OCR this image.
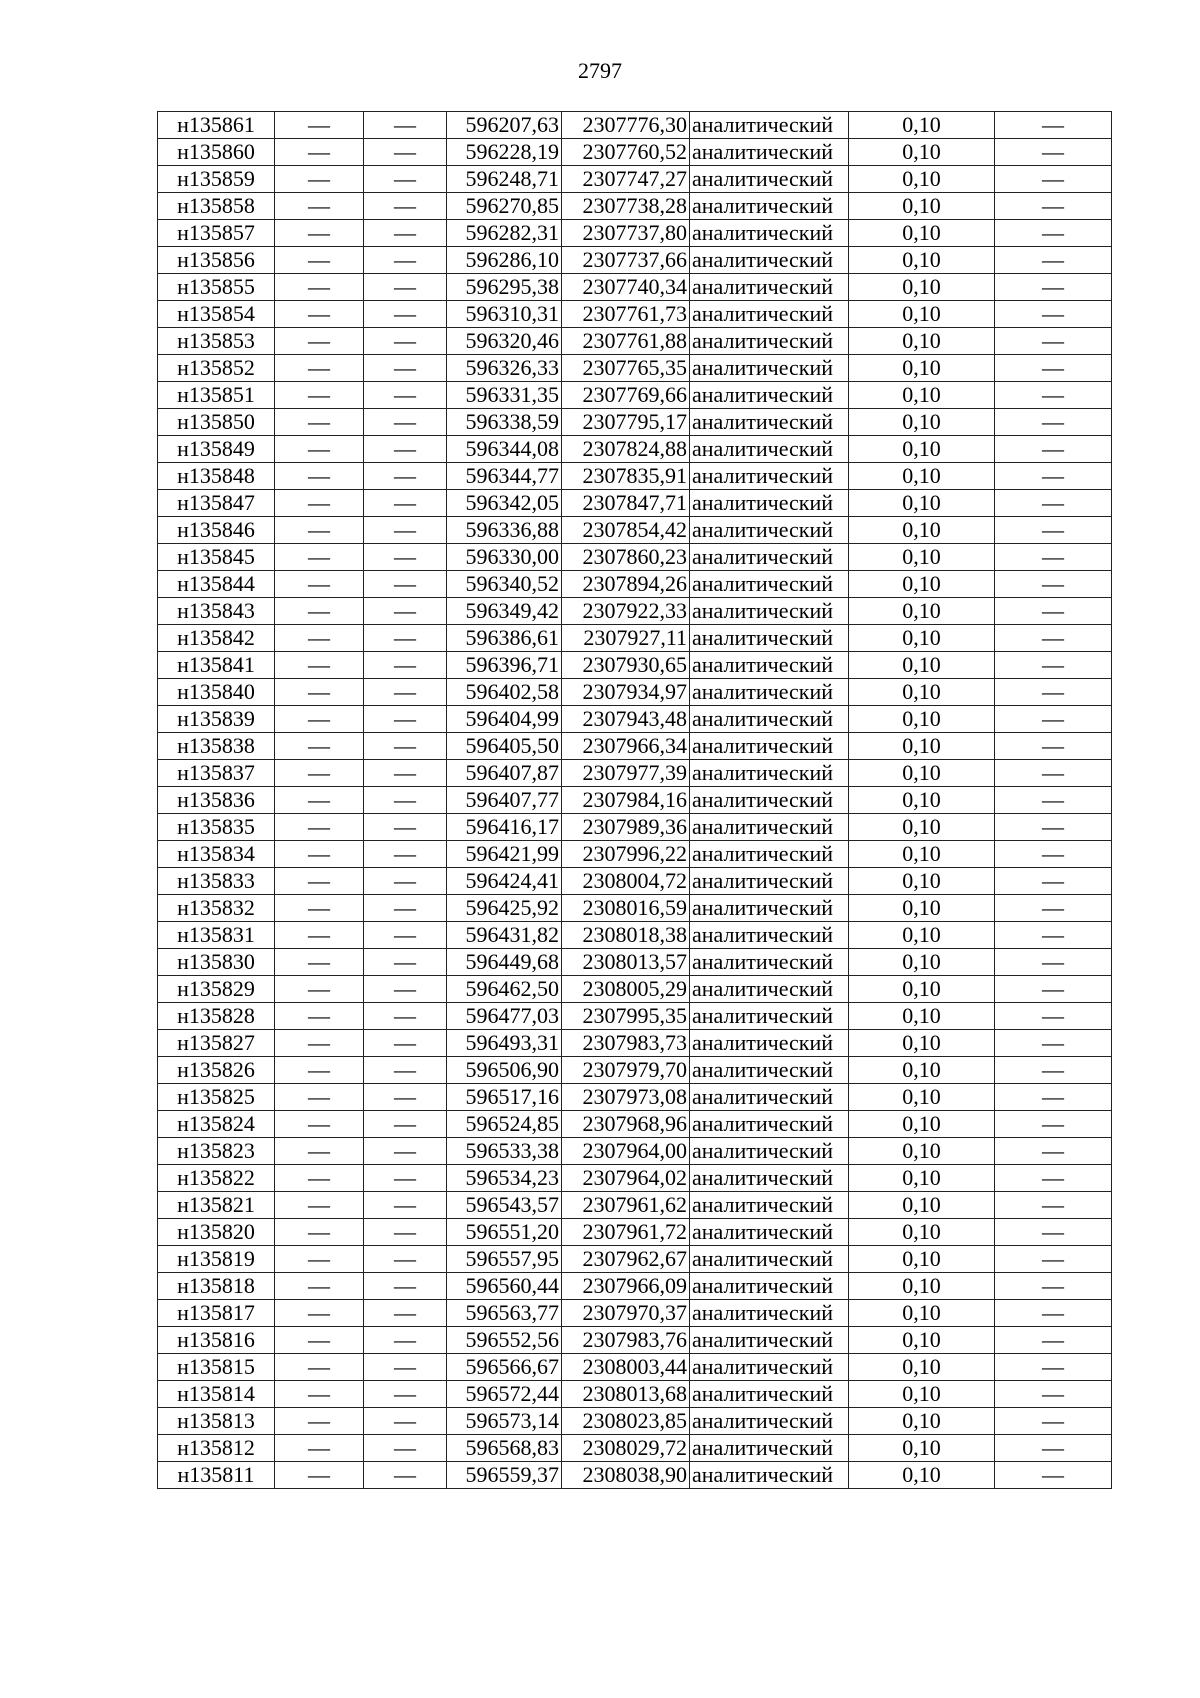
2797
н135861	—	—	596207,63	2307776,30	аналитический	0,10	—
н135860	—	—	596228,19	2307760,52	аналитический	0,10	—
н135859	—	—	596248,71	2307747,27	аналитический	0,10	—
н135858	—	—	596270,85	2307738,28	аналитический	0,10	—
н135857	—	—	596282,31	2307737,80	аналитический	0,10	—
н135856	—	—	596286,10	2307737,66	аналитический	0,10	—
н135855	—	—	596295,38	2307740,34	аналитический	0,10	—
н135854	—	—	596310,31	2307761,73	аналитический	0,10	—
н135853	—	—	596320,46	2307761,88	аналитический	0,10	—
н135852	—	—	596326,33	2307765,35	аналитический	0,10	—
н135851	—	—	596331,35	2307769,66	аналитический	0,10	—
н135850	—	—	596338,59	2307795,17	аналитический	0,10	—
н135849	—	—	596344,08	2307824,88	аналитический	0,10	—
н135848	—	—	596344,77	2307835,91	аналитический	0,10	—
н135847	—	—	596342,05	2307847,71	аналитический	0,10	—
н135846	—	—	596336,88	2307854,42	аналитический	0,10	—
н135845	—	—	596330,00	2307860,23	аналитический	0,10	—
н135844	—	—	596340,52	2307894,26	аналитический	0,10	—
н135843	—	—	596349,42	2307922,33	аналитический	0,10	—
н135842	—	—	596386,61	2307927,11	аналитический	0,10	—
н135841	—	—	596396,71	2307930,65	аналитический	0,10	—
н135840	—	—	596402,58	2307934,97	аналитический	0,10	—
н135839	—	—	596404,99	2307943,48	аналитический	0,10	—
н135838	—	—	596405,50	2307966,34	аналитический	0,10	—
н135837	—	—	596407,87	2307977,39	аналитический	0,10	—
н135836	—	—	596407,77	2307984,16	аналитический	0,10	—
н135835	—	—	596416,17	2307989,36	аналитический	0,10	—
н135834	—	—	596421,99	2307996,22	аналитический	0,10	—
н135833	—	—	596424,41	2308004,72	аналитический	0,10	—
н135832	—	—	596425,92	2308016,59	аналитический	0,10	—
н135831	—	—	596431,82	2308018,38	аналитический	0,10	—
н135830	—	—	596449,68	2308013,57	аналитический	0,10	—
н135829	—	—	596462,50	2308005,29	аналитический	0,10	—
н135828	—	—	596477,03	2307995,35	аналитический	0,10	—
н135827	—	—	596493,31	2307983,73	аналитический	0,10	—
н135826	—	—	596506,90	2307979,70	аналитический	0,10	—
н135825	—	—	596517,16	2307973,08	аналитический	0,10	—
н135824	—	—	596524,85	2307968,96	аналитический	0,10	—
н135823	—	—	596533,38	2307964,00	аналитический	0,10	—
н135822	—	—	596534,23	2307964,02	аналитический	0,10	—
н135821	—	—	596543,57	2307961,62	аналитический	0,10	—
н135820	—	—	596551,20	2307961,72	аналитический	0,10	—
н135819	—	—	596557,95	2307962,67	аналитический	0,10	—
н135818	—	—	596560,44	2307966,09	аналитический	0,10	—
н135817	—	—	596563,77	2307970,37	аналитический	0,10	—
н135816	—	—	596552,56	2307983,76	аналитический	0,10	—
н135815	—	—	596566,67	2308003,44	аналитический	0,10	—
н135814	—	—	596572,44	2308013,68	аналитический	0,10	—
н135813	—	—	596573,14	2308023,85	аналитический	0,10	—
н135812	—	—	596568,83	2308029,72	аналитический	0,10	—
н135811	—	—	596559,37	2308038,90	аналитический	0,10	—
